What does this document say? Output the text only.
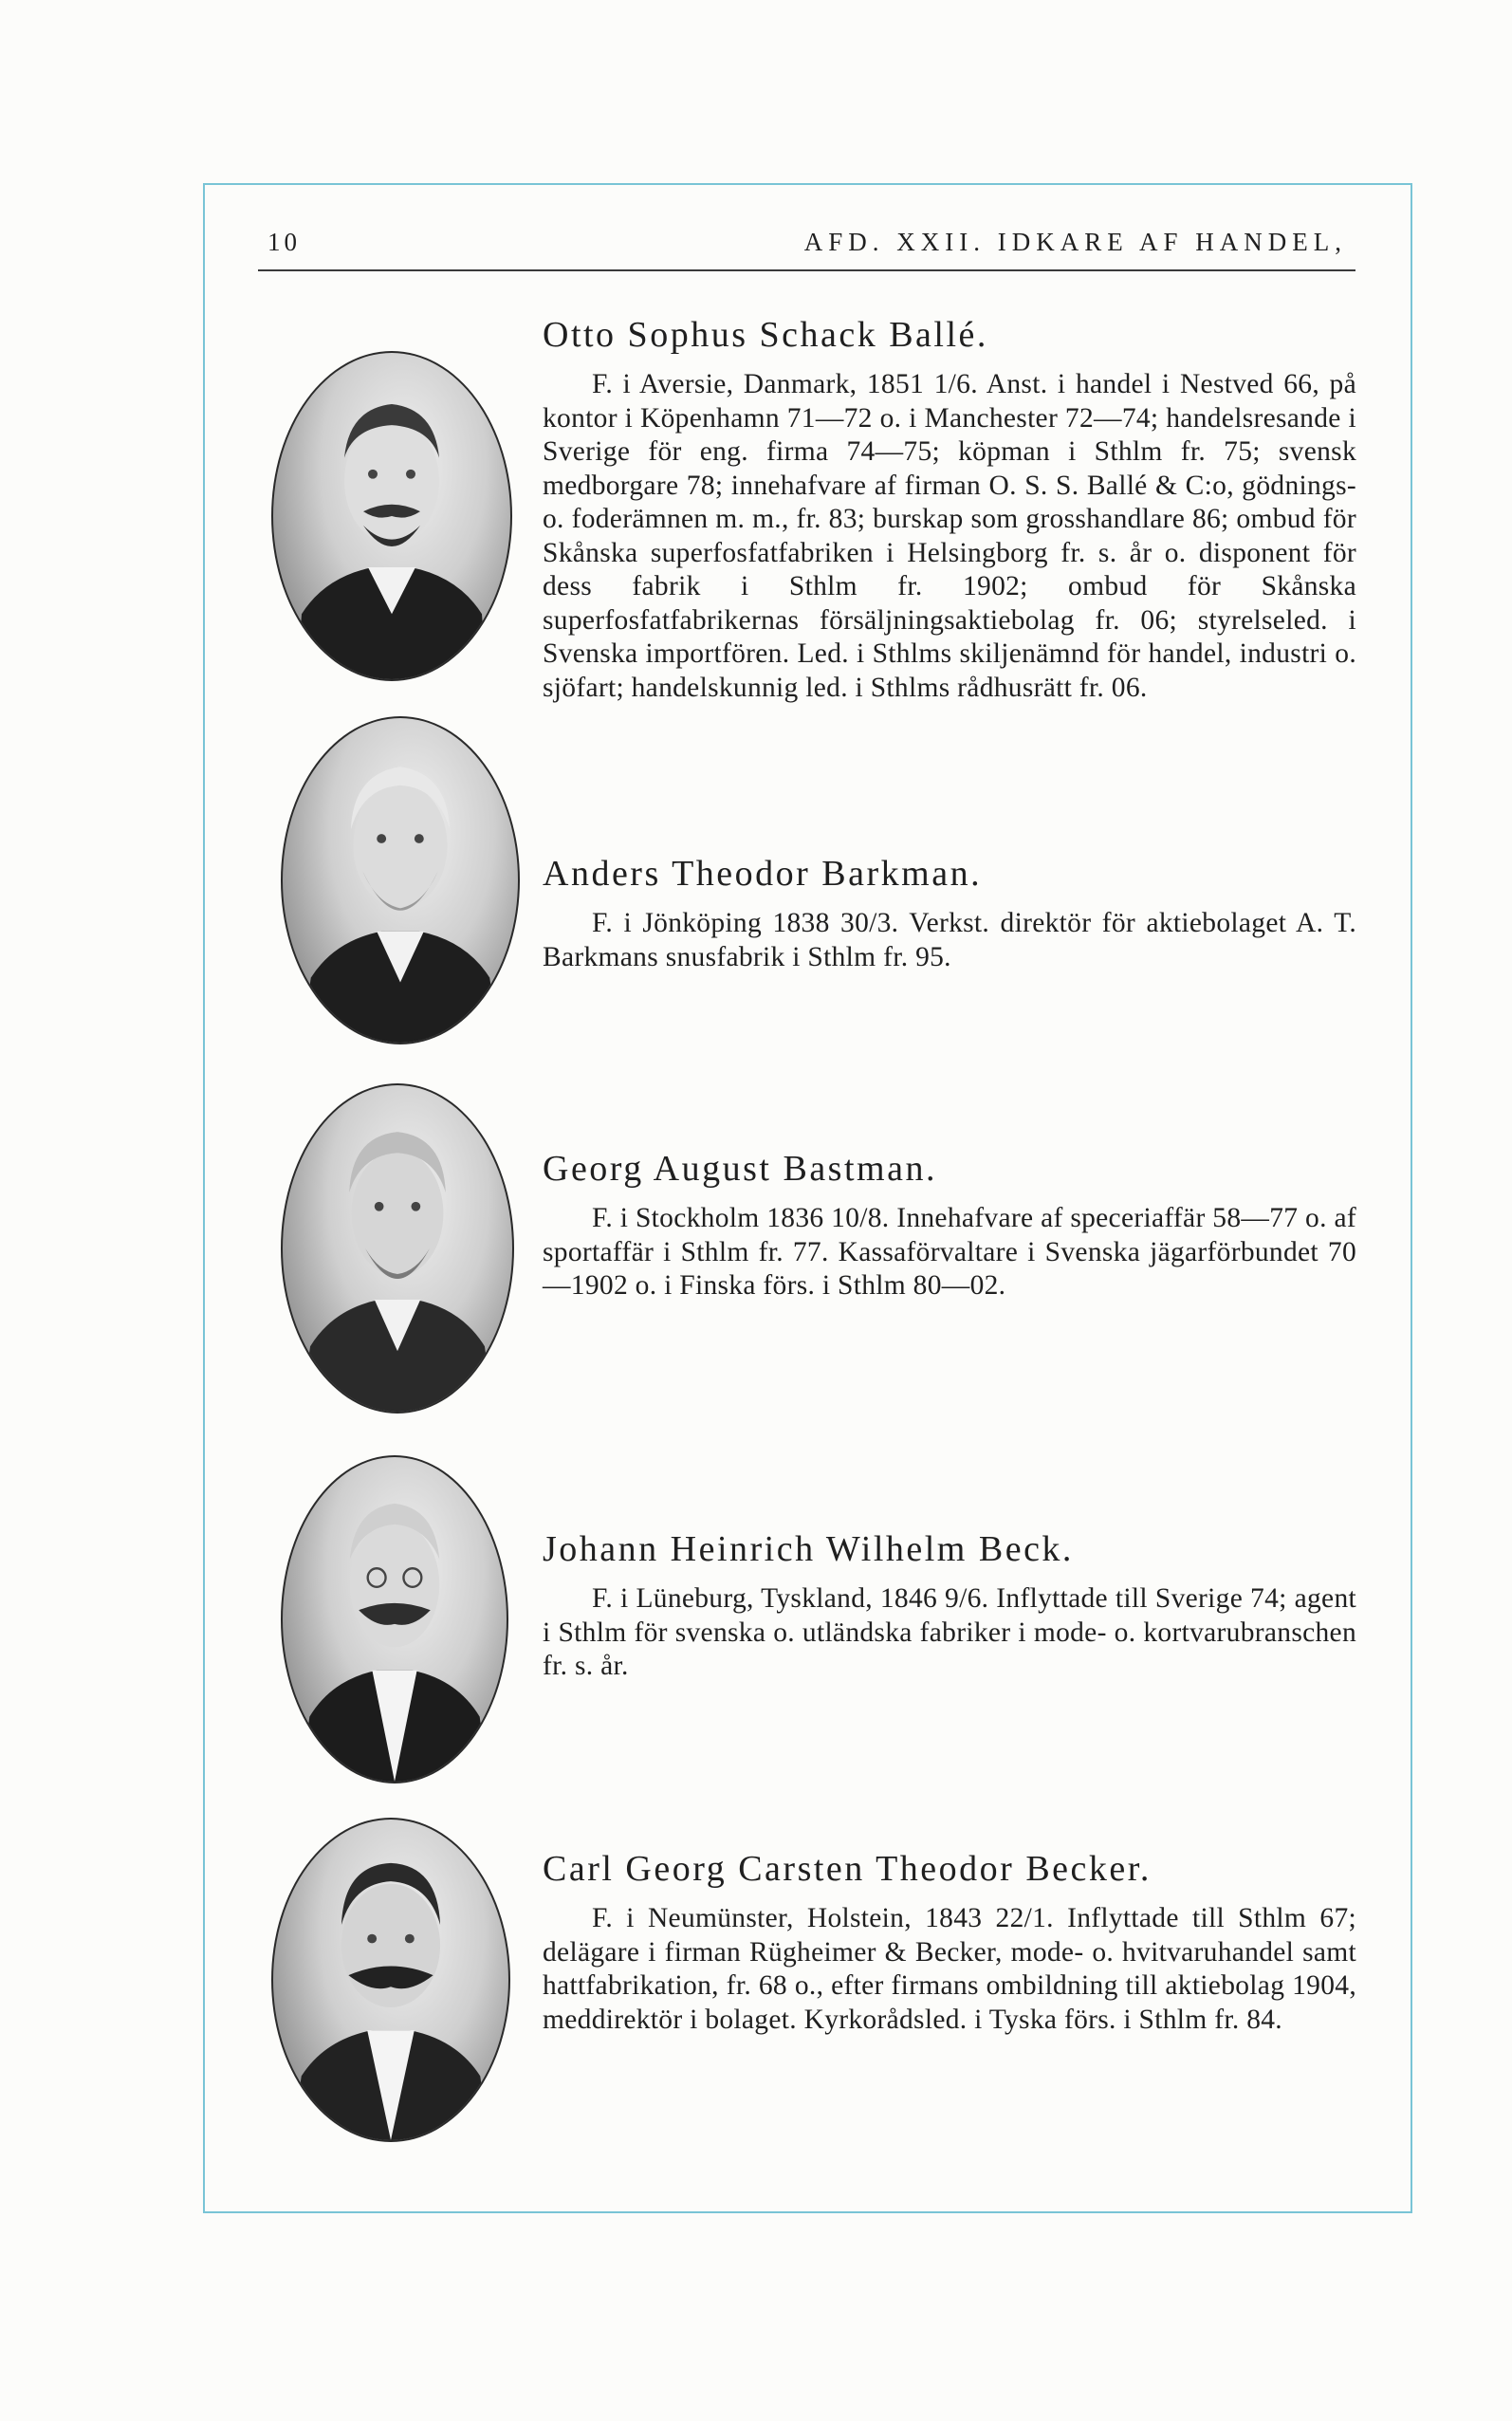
10	AFD. XXII. IDKARE AF HANDEL,
Otto Sophus Schack Ballé.

F. i Aversie, Danmark, 1851 1/6. Anst. i handel i Nestved 66, på kontor i Köpenhamn 71—72 o. i Manchester 72—74; handelsresande i Sverige för eng. firma 74—75; köpman i Sthlm fr. 75; svensk medborgare 78; innehafvare af firman O. S. S. Ballé & C:o, gödnings- o. foderämnen m. m., fr. 83; burskap som grosshandlare 86; ombud för Skånska superfosfatfabriken i Helsingborg fr. s. år o. disponent för dess fabrik i Sthlm fr. 1902; ombud för Skånska superfosfatfabrikernas försäljningsaktiebolag fr. 06; styrelseled. i Svenska importfören. Led. i Sthlms skiljenämnd för handel, industri o. sjöfart; handelskunnig led. i Sthlms rådhusrätt fr. 06.

Anders Theodor Barkman.

F. i Jönköping 1838 30/3. Verkst. direktör för aktiebolaget A. T. Barkmans snusfabrik i Sthlm fr. 95.

Georg August Bastman.

F. i Stockholm 1836 10/8. Innehafvare af speceriaffär 58—77 o. af sportaffär i Sthlm fr. 77. Kassaförvaltare i Svenska jägarförbundet 70—1902 o. i Finska förs. i Sthlm 80—02.

Johann Heinrich Wilhelm Beck.

F. i Lüneburg, Tyskland, 1846 9/6. Inflyttade till Sverige 74; agent i Sthlm för svenska o. utländska fabriker i mode- o. kortvarubranschen fr. s. år.

Carl Georg Carsten Theodor Becker.

F. i Neumünster, Holstein, 1843 22/1. Inflyttade till Sthlm 67; delägare i firman Rügheimer & Becker, mode- o. hvitvaruhandel samt hattfabrikation, fr. 68 o., efter firmans ombildning till aktiebolag 1904, meddirektör i bolaget. Kyrkorådsled. i Tyska förs. i Sthlm fr. 84.
